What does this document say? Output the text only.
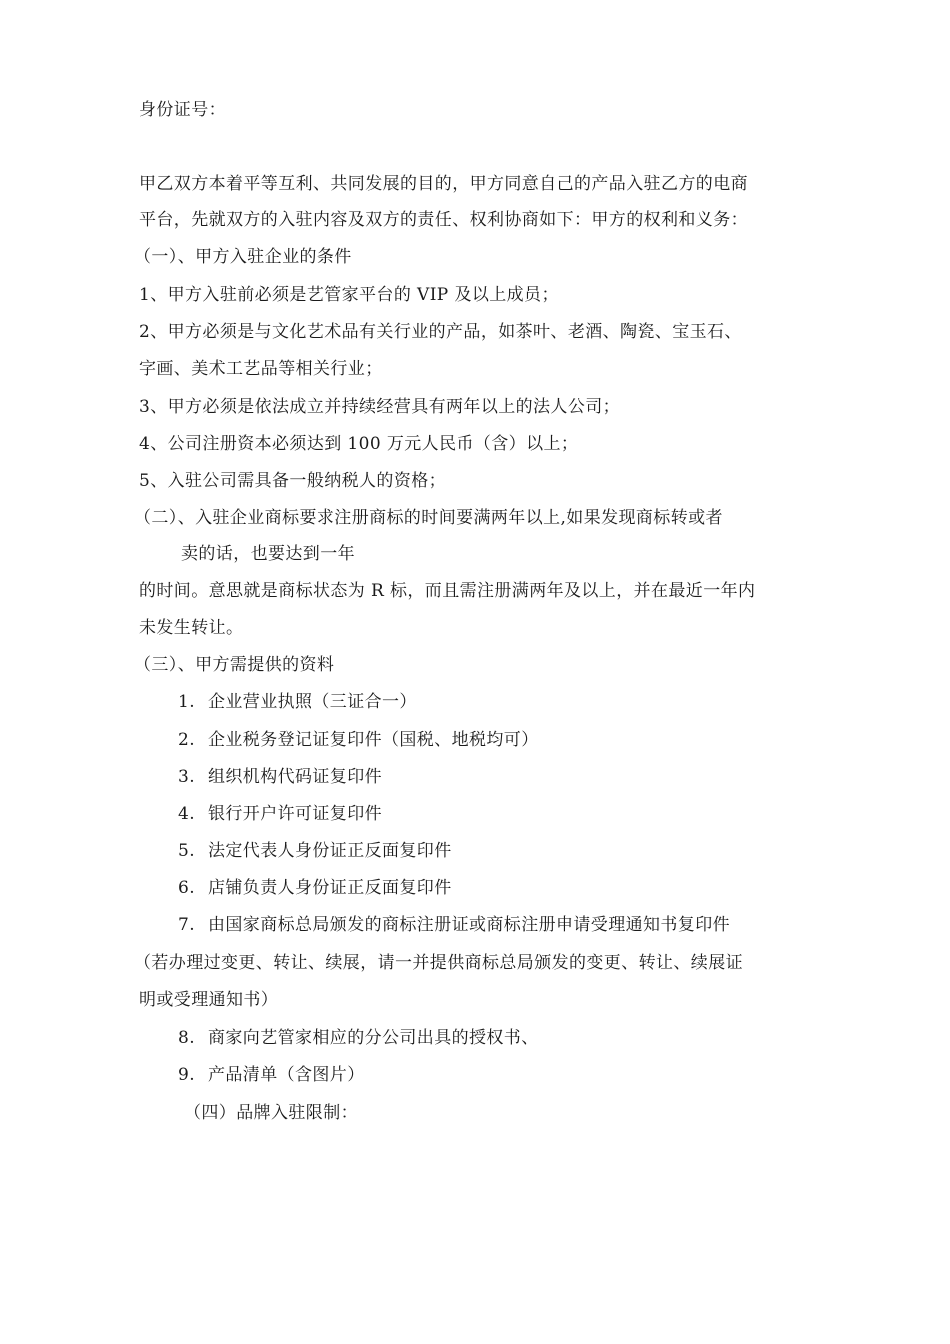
身份证号：
甲乙双方本着平等互利、共同发展的目的，甲方同意自己的产品入驻乙方的电商
平台，先就双方的入驻内容及双方的责任、权利协商如下：甲方的权利和义务：
（一）、甲方入驻企业的条件
1、甲方入驻前必须是艺管家平台的 VIP 及以上成员；
2、甲方必须是与文化艺术品有关行业的产品，如茶叶、老酒、陶瓷、宝玉石、
字画、美术工艺品等相关行业；
3、甲方必须是依法成立并持续经营具有两年以上的法人公司；
4、公司注册资本必须达到 100 万元人民币（含）以上；
5、入驻公司需具备一般纳税人的资格；
（二）、入驻企业商标要求注册商标的时间要满两年以上,如果发现商标转或者
卖的话，也要达到一年
的时间。意思就是商标状态为 R 标，而且需注册满两年及以上，并在最近一年内
未发生转让。
（三）、甲方需提供的资料
1. 企业营业执照（三证合一）
2. 企业税务登记证复印件（国税、地税均可）
3. 组织机构代码证复印件
4. 银行开户许可证复印件
5. 法定代表人身份证正反面复印件
6. 店铺负责人身份证正反面复印件
7. 由国家商标总局颁发的商标注册证或商标注册申请受理通知书复印件
（若办理过变更、转让、续展，请一并提供商标总局颁发的变更、转让、续展证
明或受理通知书）
8. 商家向艺管家相应的分公司出具的授权书、
9. 产品清单（含图片）
（四）品牌入驻限制：
